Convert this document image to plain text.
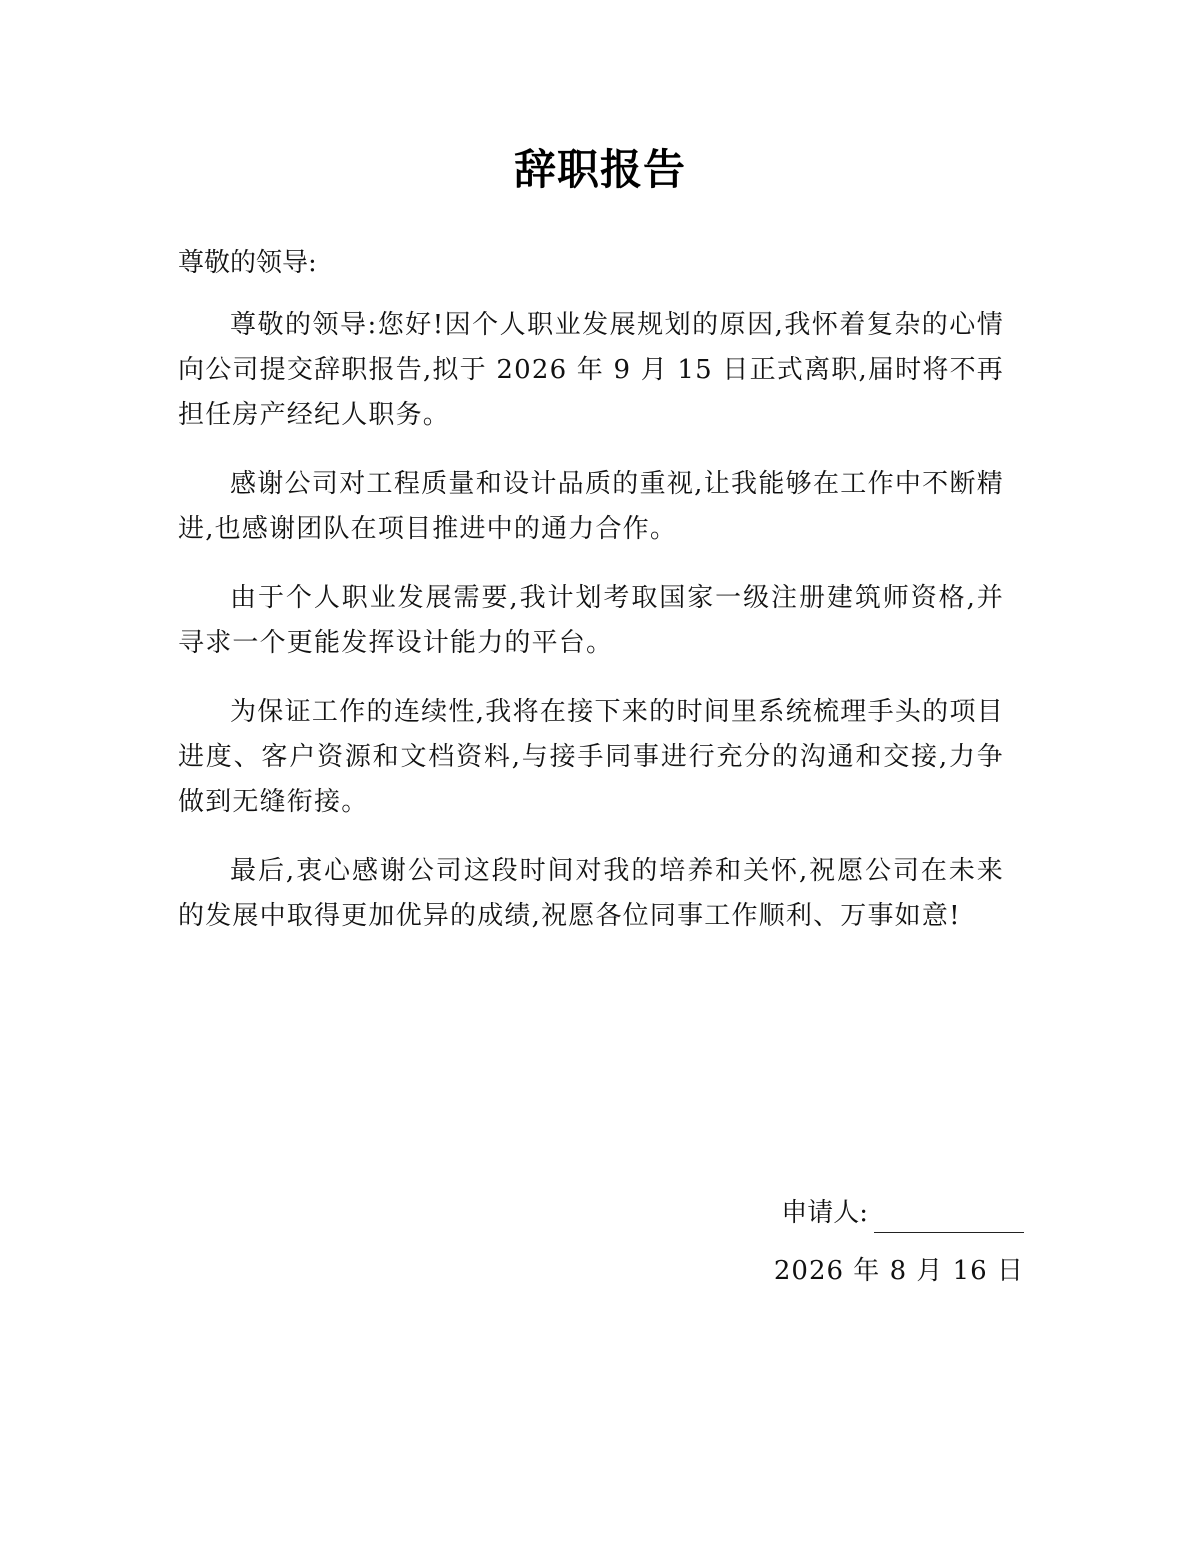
辞职报告
尊敬的领导:

尊敬的领导:您好!因个人职业发展规划的原因,我怀着复杂的心情向公司提交辞职报告,拟于 2026 年 9 月 15 日正式离职,届时将不再担任房产经纪人职务。

感谢公司对工程质量和设计品质的重视,让我能够在工作中不断精进,也感谢团队在项目推进中的通力合作。

由于个人职业发展需要,我计划考取国家一级注册建筑师资格,并寻求一个更能发挥设计能力的平台。

为保证工作的连续性,我将在接下来的时间里系统梳理手头的项目进度、客户资源和文档资料,与接手同事进行充分的沟通和交接,力争做到无缝衔接。

最后,衷心感谢公司这段时间对我的培养和关怀,祝愿公司在未来的发展中取得更加优异的成绩,祝愿各位同事工作顺利、万事如意!

申请人:
2026 年 8 月 16 日
